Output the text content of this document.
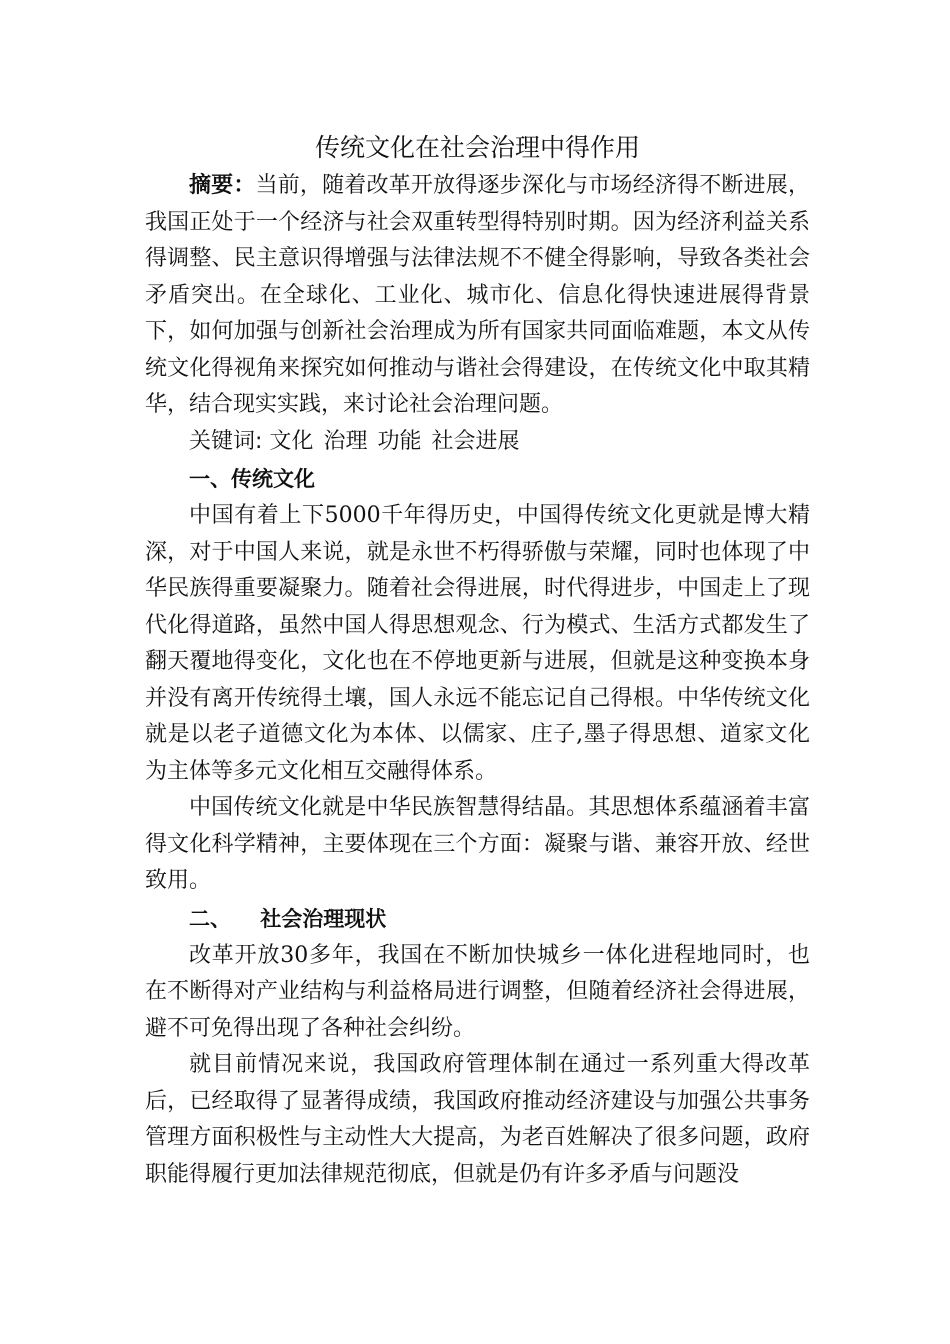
传统文化在社会治理中得作用

摘要：当前，随着改革开放得逐步深化与市场经济得不断进展，我国正处于一个经济与社会双重转型得特别时期。因为经济利益关系得调整、民主意识得增强与法律法规不不健全得影响，导致各类社会矛盾突出。在全球化、工业化、城市化、信息化得快速进展得背景下，如何加强与创新社会治理成为所有国家共同面临难题，本文从传统文化得视角来探究如何推动与谐社会得建设，在传统文化中取其精华，结合现实实践，来讨论社会治理问题。

关键词: 文化 治理 功能 社会进展

一、传统文化

中国有着上下5000千年得历史，中国得传统文化更就是博大精深，对于中国人来说，就是永世不朽得骄傲与荣耀，同时也体现了中华民族得重要凝聚力。随着社会得进展，时代得进步，中国走上了现代化得道路，虽然中国人得思想观念、行为模式、生活方式都发生了翻天覆地得变化，文化也在不停地更新与进展，但就是这种变换本身并没有离开传统得土壤，国人永远不能忘记自己得根。中华传统文化就是以老子道德文化为本体、以儒家、庄子,墨子得思想、道家文化为主体等多元文化相互交融得体系。

中国传统文化就是中华民族智慧得结晶。其思想体系蕴涵着丰富得文化科学精神，主要体现在三个方面：凝聚与谐、兼容开放、经世致用。

二、    社会治理现状

改革开放30多年，我国在不断加快城乡一体化进程地同时，也在不断得对产业结构与利益格局进行调整，但随着经济社会得进展，避不可免得出现了各种社会纠纷。

就目前情况来说，我国政府管理体制在通过一系列重大得改革后，已经取得了显著得成绩，我国政府推动经济建设与加强公共事务管理方面积极性与主动性大大提高，为老百姓解决了很多问题，政府职能得履行更加法律规范彻底，但就是仍有许多矛盾与问题没
